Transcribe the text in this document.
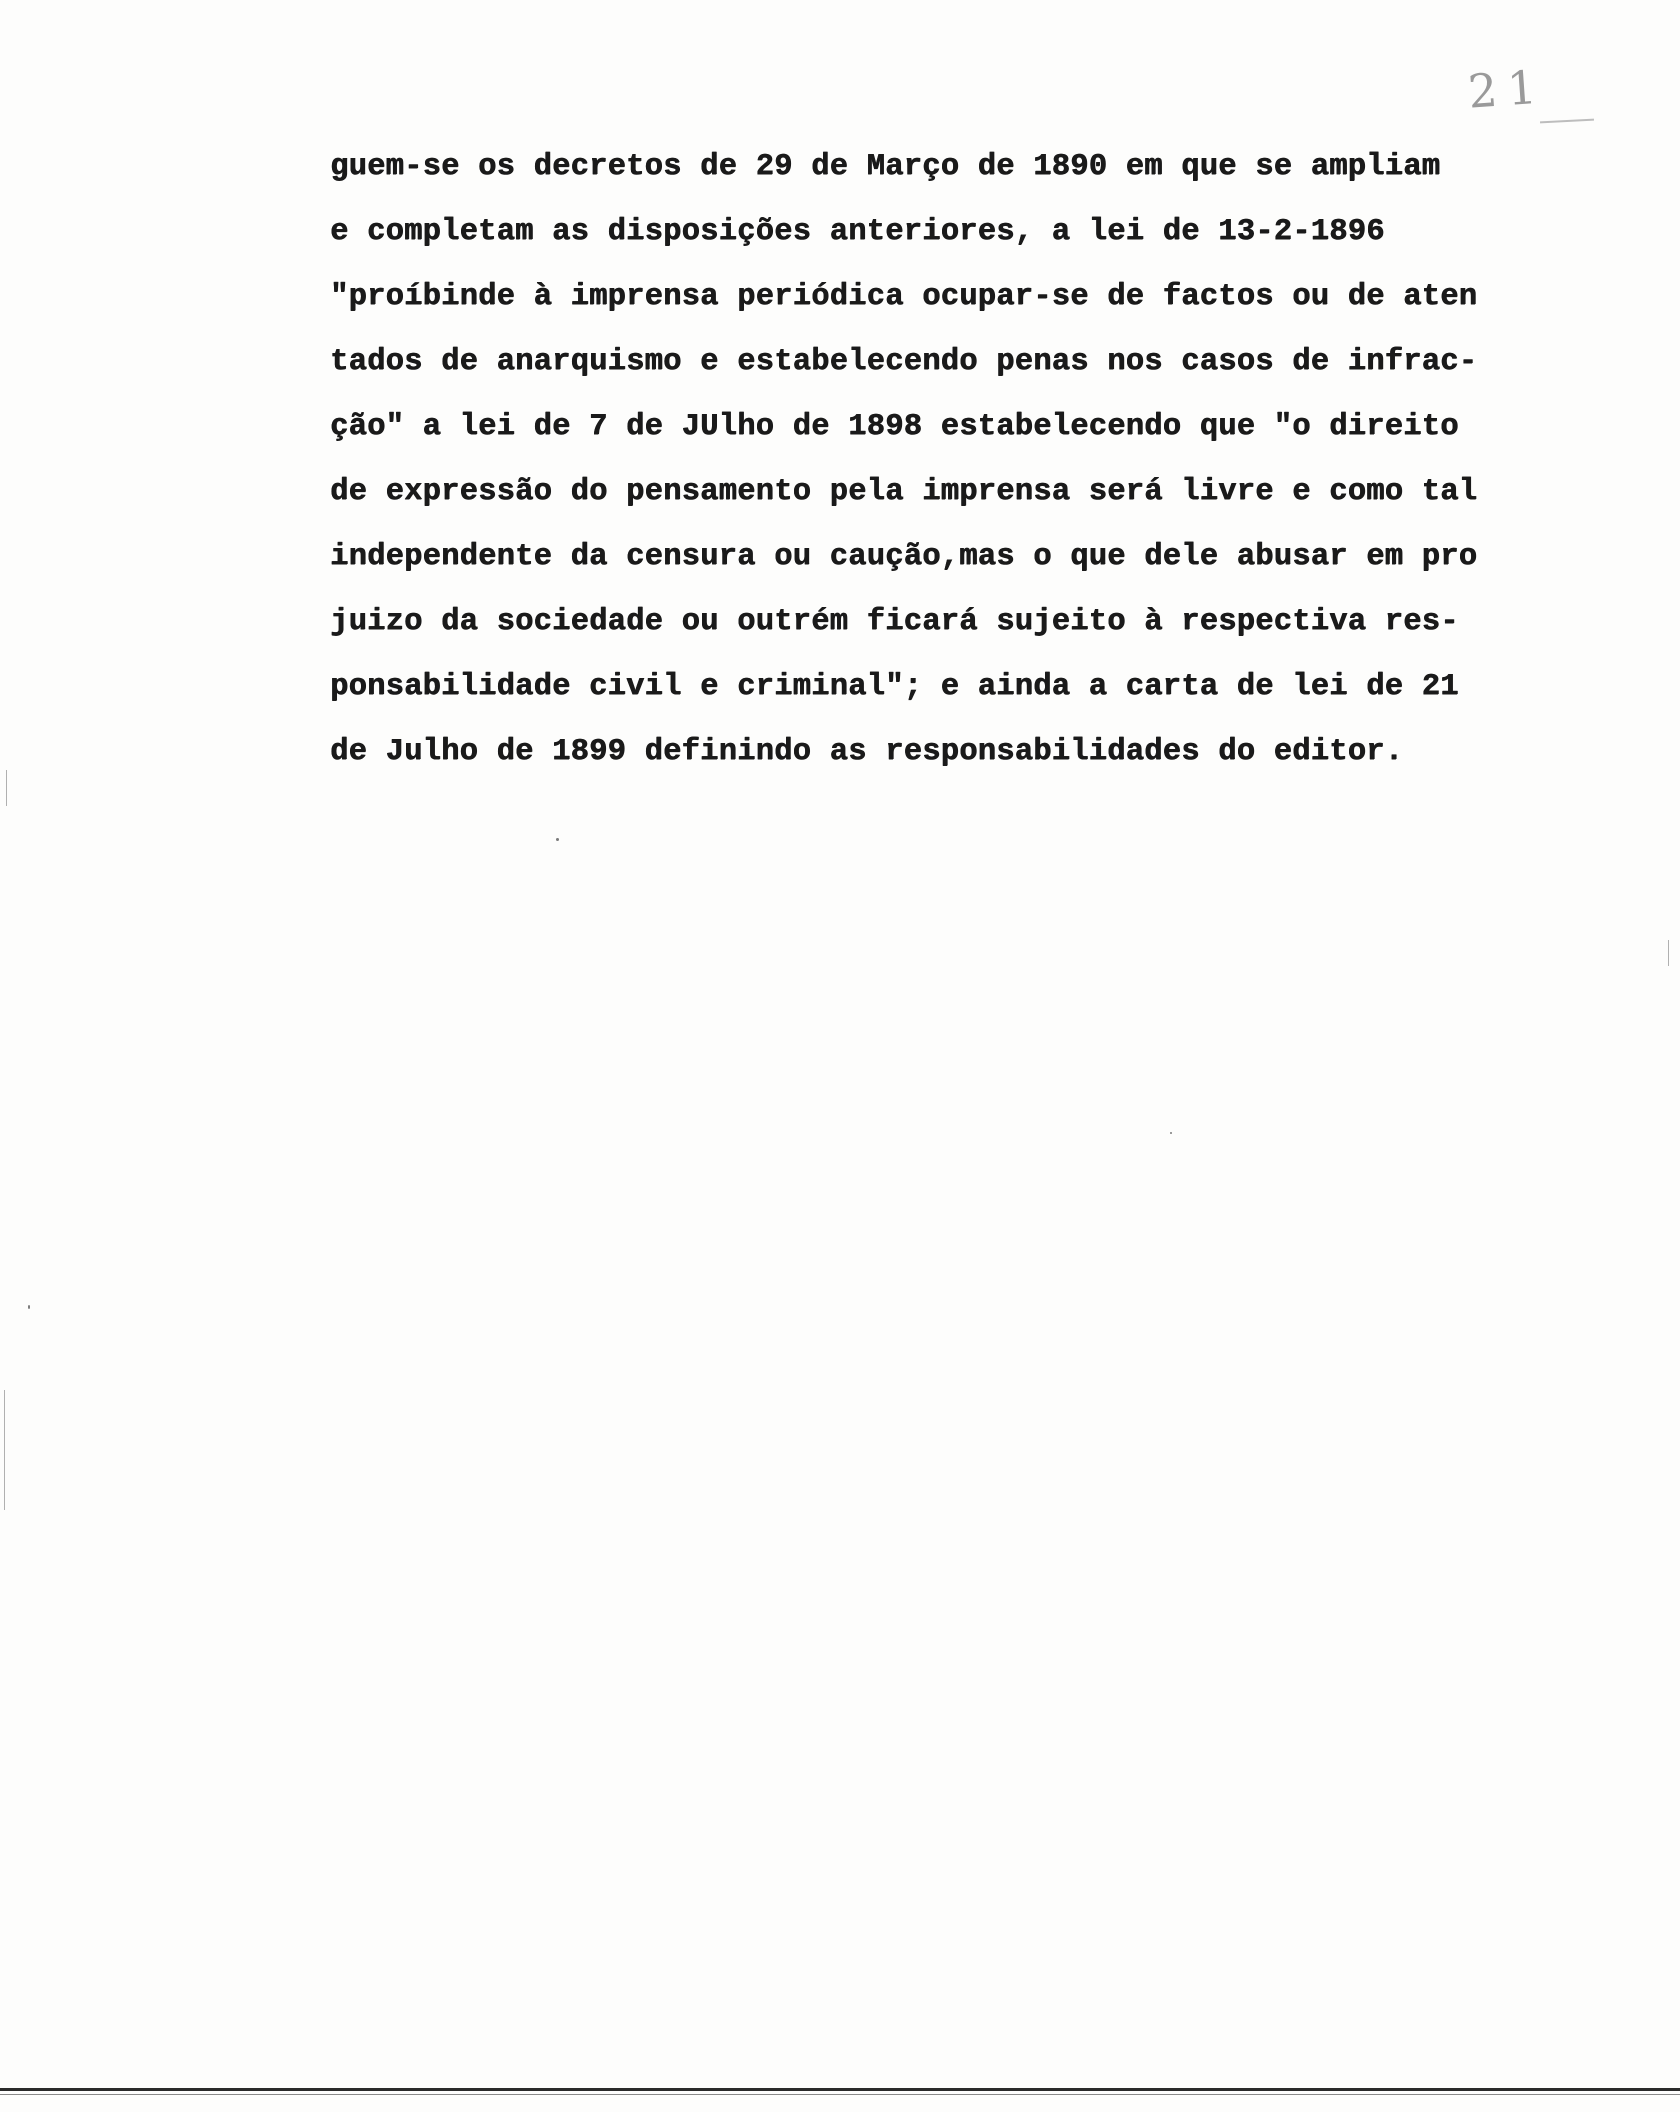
21
guem-se os decretos de 29 de Março de 1890 em que se ampliam
e completam as disposições anteriores, a lei de 13-2-1896
"proíbinde à imprensa periódica ocupar-se de factos ou de aten
tados de anarquismo e estabelecendo penas nos casos de infrac-
ção" a lei de 7 de JUlho de 1898 estabelecendo que "o direito
de expressão do pensamento pela imprensa será livre e como tal
independente da censura ou caução,mas o que dele abusar em pro
juizo da sociedade ou outrém ficará sujeito à respectiva res-
ponsabilidade civil e criminal"; e ainda a carta de lei de 21
de Julho de 1899 definindo as responsabilidades do editor.
